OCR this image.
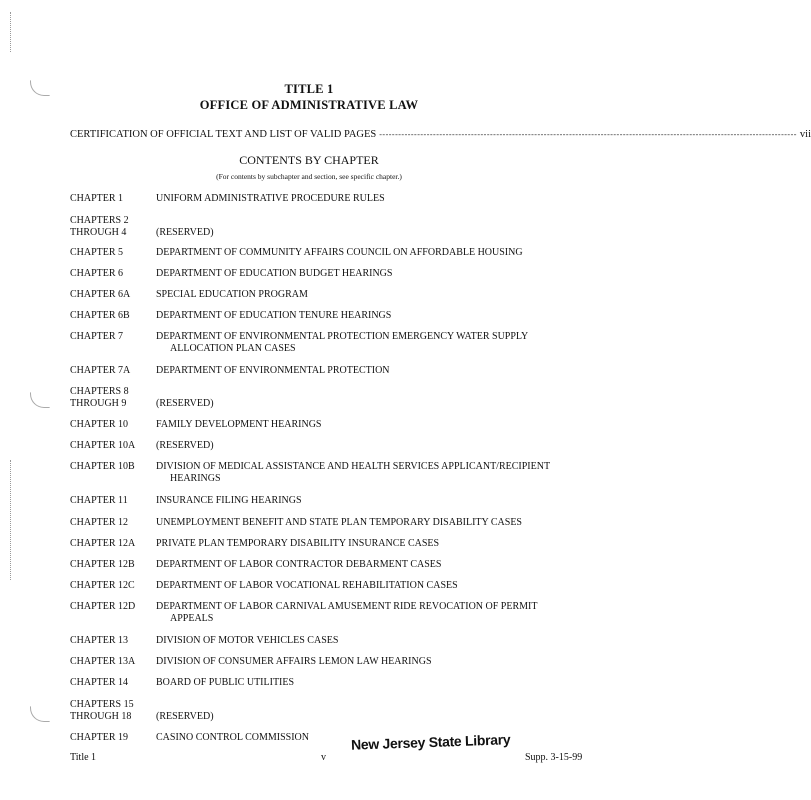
TITLE 1
OFFICE OF ADMINISTRATIVE LAW
CERTIFICATION OF OFFICIAL TEXT AND LIST OF VALID PAGES ------------------------------------------------------------------------------------------------------------------------------------ vii
CONTENTS BY CHAPTER
(For contents by subchapter and section, see specific chapter.)
CHAPTER 1	UNIFORM ADMINISTRATIVE PROCEDURE RULES
CHAPTERS 2
THROUGH 4	(RESERVED)
CHAPTER 5	DEPARTMENT OF COMMUNITY AFFAIRS COUNCIL ON AFFORDABLE HOUSING
CHAPTER 6	DEPARTMENT OF EDUCATION BUDGET HEARINGS
CHAPTER 6A	SPECIAL EDUCATION PROGRAM
CHAPTER 6B	DEPARTMENT OF EDUCATION TENURE HEARINGS
CHAPTER 7	DEPARTMENT OF ENVIRONMENTAL PROTECTION EMERGENCY WATER SUPPLY
ALLOCATION PLAN CASES
CHAPTER 7A	DEPARTMENT OF ENVIRONMENTAL PROTECTION
CHAPTERS 8
THROUGH 9	(RESERVED)
CHAPTER 10	FAMILY DEVELOPMENT HEARINGS
CHAPTER 10A	(RESERVED)
CHAPTER 10B	DIVISION OF MEDICAL ASSISTANCE AND HEALTH SERVICES APPLICANT/RECIPIENT
HEARINGS
CHAPTER 11	INSURANCE FILING HEARINGS
CHAPTER 12	UNEMPLOYMENT BENEFIT AND STATE PLAN TEMPORARY DISABILITY CASES
CHAPTER 12A	PRIVATE PLAN TEMPORARY DISABILITY INSURANCE CASES
CHAPTER 12B	DEPARTMENT OF LABOR CONTRACTOR DEBARMENT CASES
CHAPTER 12C	DEPARTMENT OF LABOR VOCATIONAL REHABILITATION CASES
CHAPTER 12D	DEPARTMENT OF LABOR CARNIVAL AMUSEMENT RIDE REVOCATION OF PERMIT
APPEALS
CHAPTER 13	DIVISION OF MOTOR VEHICLES CASES
CHAPTER 13A	DIVISION OF CONSUMER AFFAIRS LEMON LAW HEARINGS
CHAPTER 14	BOARD OF PUBLIC UTILITIES
CHAPTERS 15
THROUGH 18	(RESERVED)
CHAPTER 19	CASINO CONTROL COMMISSION	New Jersey State Library
Title 1	v	Supp. 3-15-99
